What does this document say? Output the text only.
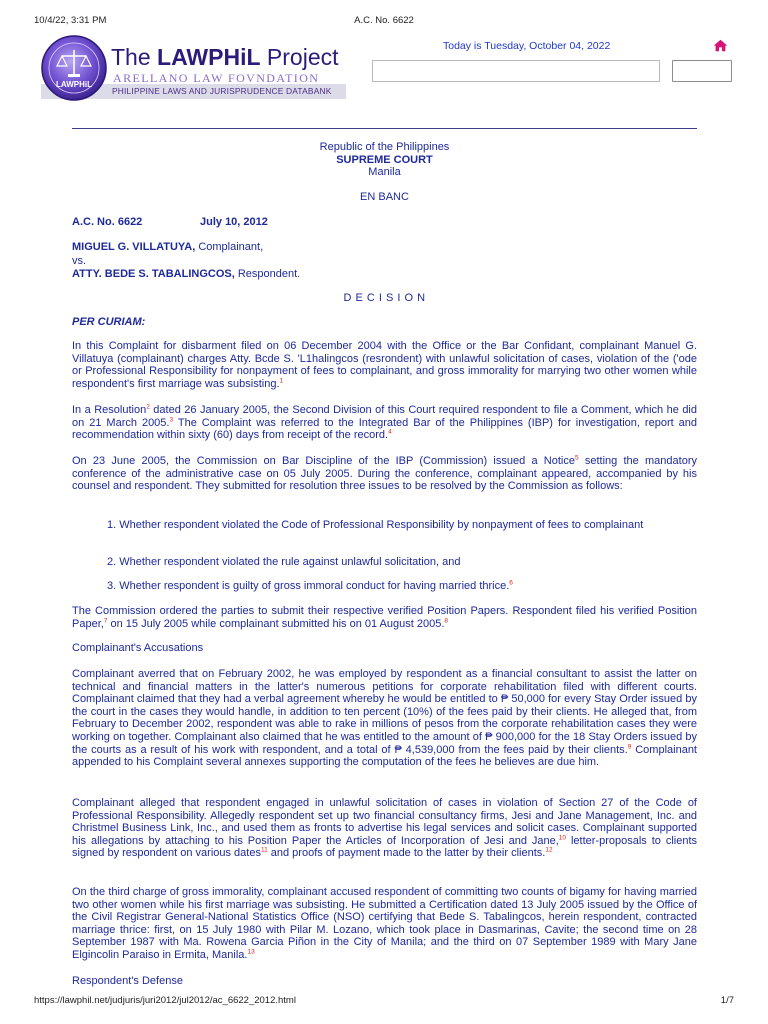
10/4/22, 3:31 PM	A.C. No. 6622
PHILIPPINE LAWS AND JURISPRUDENCE DATABANK
LAWPHiL
The LAWPHiL Project
ARELLANO LAW FOVNDATION
Today is Tuesday, October 04, 2022
Republic of the Philippines
SUPREME COURT
Manila
EN BANC
A.C. No. 6622	July 10, 2012
MIGUEL G. VILLATUYA, Complainant,
vs.
ATTY. BEDE S. TABALINGCOS, Respondent.
D E C I S I O N
PER CURIAM:
In this Complaint for disbarment filed on 06 December 2004 with the Office or the Bar Confidant, complainant Manuel G. Villatuya (complainant) charges Atty. Bcde S. 'L1halingcos (resrondent) with unlawful solicitation of cases, violation of the ('ode or Professional Responsibility for nonpayment of fees to complainant, and gross immorality for marrying two other women while respondent's first marriage was subsisting.$^1$
In a Resolution$^2$ dated 26 January 2005, the Second Division of this Court required respondent to file a Comment, which he did on 21 March 2005.$^3$ The Complaint was referred to the Integrated Bar of the Philippines (IBP) for investigation, report and recommendation within sixty (60) days from receipt of the record.$^4$
On 23 June 2005, the Commission on Bar Discipline of the IBP (Commission) issued a Notice$^5$ setting the mandatory conference of the administrative case on 05 July 2005. During the conference, complainant appeared, accompanied by his counsel and respondent. They submitted for resolution three issues to be resolved by the Commission as follows:
1. Whether respondent violated the Code of Professional Responsibility by nonpayment of fees to complainant
2. Whether respondent violated the rule against unlawful solicitation, and
3. Whether respondent is guilty of gross immoral conduct for having married thrice.$^6$
The Commission ordered the parties to submit their respective verified Position Papers. Respondent filed his verified Position Paper,$^7$ on 15 July 2005 while complainant submitted his on 01 August 2005.$^8$
Complainant's Accusations
Complainant averred that on February 2002, he was employed by respondent as a financial consultant to assist the latter on technical and financial matters in the latter's numerous petitions for corporate rehabilitation filed with different courts. Complainant claimed that they had a verbal agreement whereby he would be entitled to ₱ 50,000 for every Stay Order issued by the court in the cases they would handle, in addition to ten percent (10%) of the fees paid by their clients. He alleged that, from February to December 2002, respondent was able to rake in millions of pesos from the corporate rehabilitation cases they were working on together. Complainant also claimed that he was entitled to the amount of ₱ 900,000 for the 18 Stay Orders issued by the courts as a result of his work with respondent, and a total of ₱ 4,539,000 from the fees paid by their clients.$^9$ Complainant appended to his Complaint several annexes supporting the computation of the fees he believes are due him.
Complainant alleged that respondent engaged in unlawful solicitation of cases in violation of Section 27 of the Code of Professional Responsibility. Allegedly respondent set up two financial consultancy firms, Jesi and Jane Management, Inc. and Christmel Business Link, Inc., and used them as fronts to advertise his legal services and solicit cases. Complainant supported his allegations by attaching to his Position Paper the Articles of Incorporation of Jesi and Jane,$^{10}$ letter-proposals to clients signed by respondent on various dates$^{11}$ and proofs of payment made to the latter by their clients.$^{12}$
On the third charge of gross immorality, complainant accused respondent of committing two counts of bigamy for having married two other women while his first marriage was subsisting. He submitted a Certification dated 13 July 2005 issued by the Office of the Civil Registrar General-National Statistics Office (NSO) certifying that Bede S. Tabalingcos, herein respondent, contracted marriage thrice: first, on 15 July 1980 with Pilar M. Lozano, which took place in Dasmarinas, Cavite; the second time on 28 September 1987 with Ma. Rowena Garcia Piñon in the City of Manila; and the third on 07 September 1989 with Mary Jane Elgincolin Paraiso in Ermita, Manila.$^{13}$
Respondent's Defense
https://lawphil.net/judjuris/juri2012/jul2012/ac_6622_2012.html	1/7
